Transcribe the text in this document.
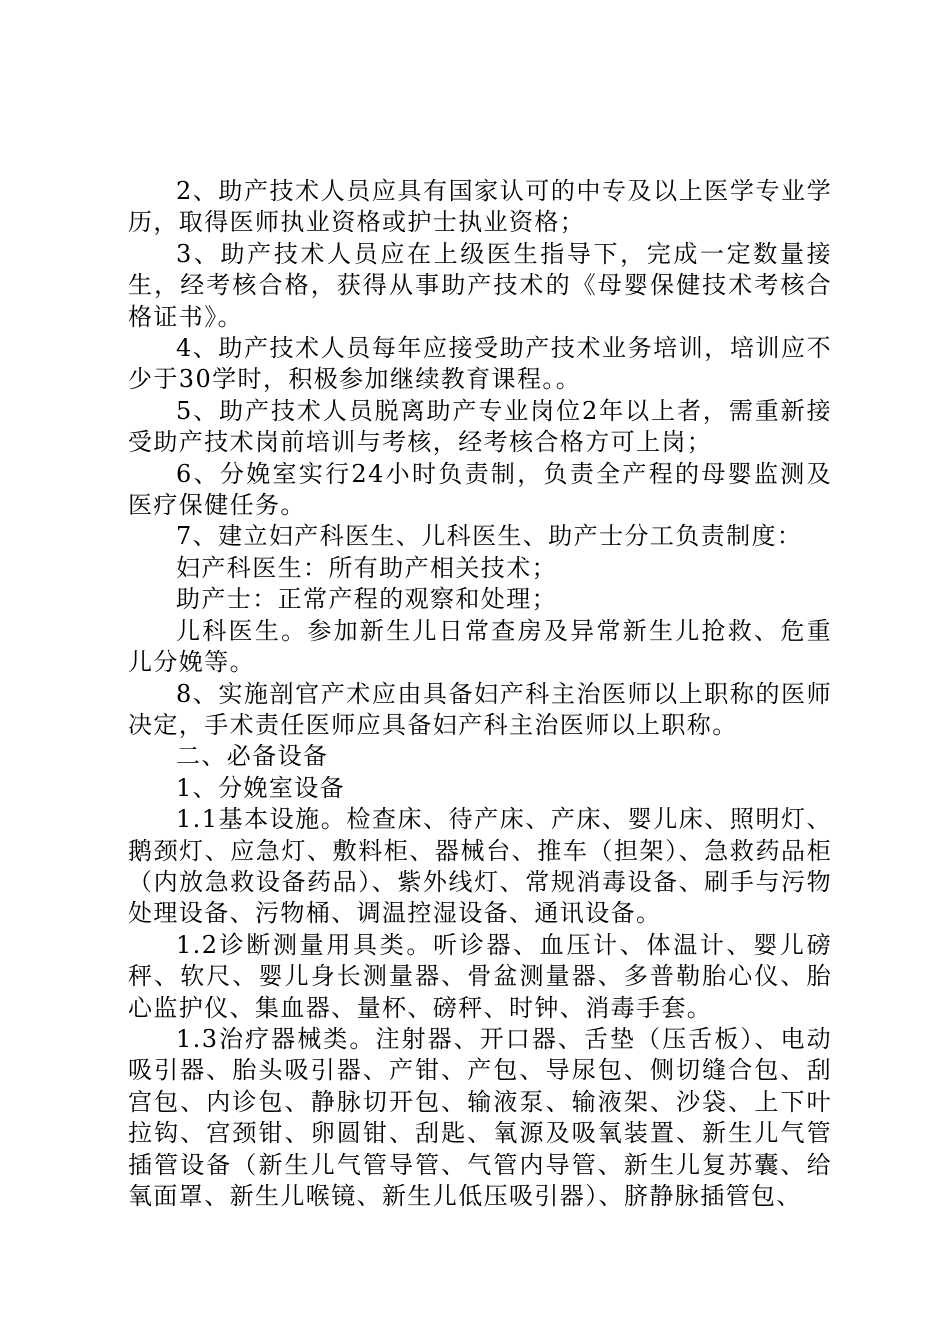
2、助产技术人员应具有国家认可的中专及以上医学专业学历，取得医师执业资格或护士执业资格；

3、助产技术人员应在上级医生指导下，完成一定数量接生，经考核合格，获得从事助产技术的《母婴保健技术考核合格证书》。

4、助产技术人员每年应接受助产技术业务培训，培训应不少于30学时，积极参加继续教育课程。。

5、助产技术人员脱离助产专业岗位2年以上者，需重新接受助产技术岗前培训与考核，经考核合格方可上岗；

6、分娩室实行24小时负责制，负责全产程的母婴监测及医疗保健任务。

7、建立妇产科医生、儿科医生、助产士分工负责制度：

妇产科医生：所有助产相关技术；

助产士：正常产程的观察和处理；

儿科医生。参加新生儿日常查房及异常新生儿抢救、危重儿分娩等。

8、实施剖官产术应由具备妇产科主治医师以上职称的医师决定，手术责任医师应具备妇产科主治医师以上职称。

二、必备设备

1、分娩室设备

1.1基本设施。检查床、待产床、产床、婴儿床、照明灯、鹅颈灯、应急灯、敷料柜、器械台、推车（担架）、急救药品柜（内放急救设备药品）、紫外线灯、常规消毒设备、刷手与污物处理设备、污物桶、调温控湿设备、通讯设备。

1.2诊断测量用具类。听诊器、血压计、体温计、婴儿磅秤、软尺、婴儿身长测量器、骨盆测量器、多普勒胎心仪、胎心监护仪、集血器、量杯、磅秤、时钟、消毒手套。

1.3治疗器械类。注射器、开口器、舌垫（压舌板）、电动吸引器、胎头吸引器、产钳、产包、导尿包、侧切缝合包、刮宫包、内诊包、静脉切开包、输液泵、输液架、沙袋、上下叶拉钩、宫颈钳、卵圆钳、刮匙、氧源及吸氧装置、新生儿气管插管设备（新生儿气管导管、气管内导管、新生儿复苏囊、给氧面罩、新生儿喉镜、新生儿低压吸引器）、脐静脉插管包、
